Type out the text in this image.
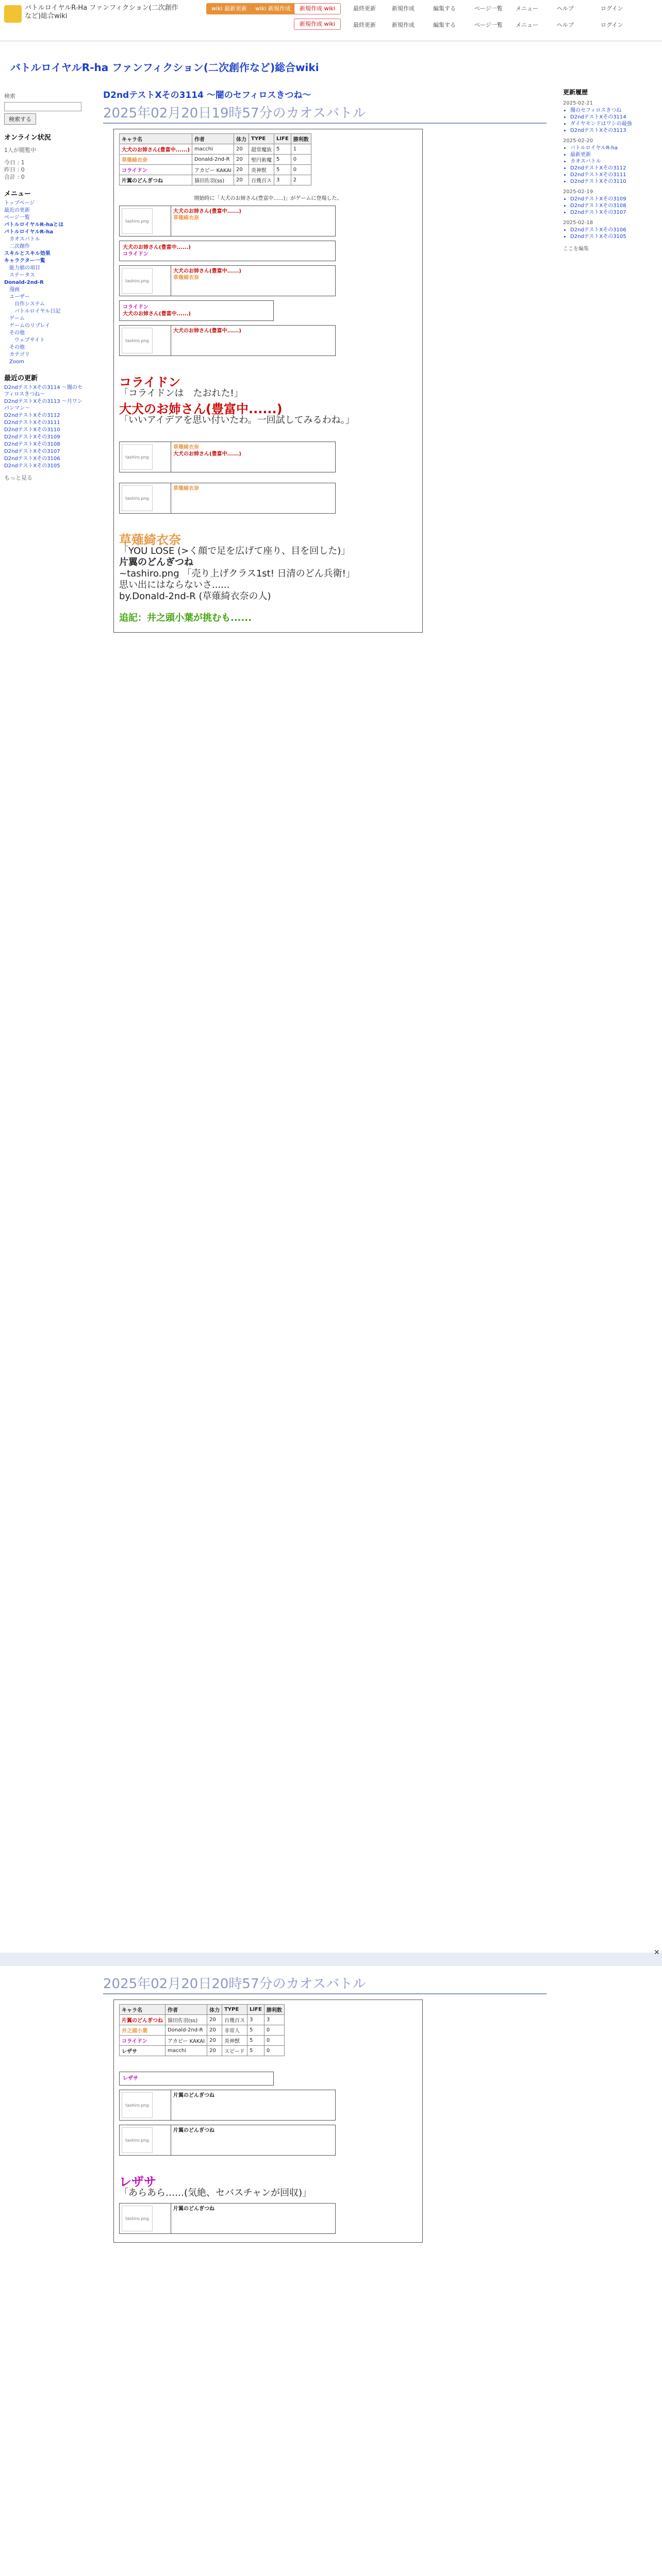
バトルロイヤルR-Ha ファンフィクション(二次創作など)総合wiki
wiki 最新更新	wiki 新規作成	新規作成 wiki
新規作成 wiki
最終更新	新規作成	編集する	ページ一覧 メニュー	ヘルプ	ログイン
最終更新	新規作成	編集する	ページ一覧 メニュー	ヘルプ	ログイン
バトルロイヤルR-ha ファンフィクション(二次創作など)総合wiki
検索
検索する
オンライン状況
1人が閲覧中
今日 : 1
昨日 : 0
合計 : 0
メニュー
トップページ
最近の更新
ページ一覧
バトルロイヤルR-haとは
バトルロイヤルR-ha
カオスバトル
二次創作
スキルとスキル効果
キャラクター一覧
能力値の項目
ステータス
Donald-2nd-R
漫画
ユーザー
自作システム
バトルロイヤル日記
ゲーム
ゲームのリプレイ
その他
ウェブサイト
その他
カテゴリ
Zoom
最近の更新
D2ndテストXその3114 〜闇のセフィロスきつね〜
D2ndテストXその3113 〜月ワンパンマン〜
D2ndテストXその3112
D2ndテストXその3111
D2ndテストXその3110
D2ndテストXその3109
D2ndテストXその3108
D2ndテストXその3107
D2ndテストXその3106
D2ndテストXその3105
もっと見る
更新履歴
2025-02-21
• 闇のセフィロスきつね
• D2ndテストXその3114
• ダイヤモンドはワシの最強
• D2ndテストXその3113
2025-02-20
• バトルロイヤルR-ha
• 最新更新
• カオスバトル
• D2ndテストXその3112
• D2ndテストXその3111
• D2ndテストXその3110
2025-02-19
• D2ndテストXその3109
• D2ndテストXその3108
• D2ndテストXその3107
2025-02-18
• D2ndテストXその3106
• D2ndテストXその3105
ここを編集
D2ndテストXその3114 〜闇のセフィロスきつね〜
2025年02月20日19時57分のカオスバトル
キャラ名	作者	体力	TYPE	LIFE	勝利数
大犬のお姉さん(豊富中......)	macchi	20	超常魔族	5	1
草薙綺衣奈	Donald-2nd-R	20	聖円術魔	5	0
コライドン	アカピー KAKAI	20	炎神獣	5	0
片翼のどんぎつね	猫田佐羽(ss)	20	百幾百ス	3	2

開始時に「大犬のお姉さん(豊富中......)」がゲームに登場した。

tashiro.png
大犬のお姉さん(豊富中......)
草薙綺衣奈
大犬のお姉さん(豊富中......)
コライドン
tashiro.png
大犬のお姉さん(豊富中......)
草薙綺衣奈
コライドン
大犬のお姉さん(豊富中......)
tashiro.png
大犬のお姉さん(豊富中......)
コライドン
「コライドンは　たおれた!」
大犬のお姉さん(豊富中......)
「いいアイデアを思い付いたわ。一回試してみるわね。」
tashiro.png
草薙綺衣奈
大犬のお姉さん(豊富中......)
tashiro.png
草薙綺衣奈
草薙綺衣奈
「YOU LOSE (>く顔で足を広げて座り、目を回した)」
片翼のどんぎつね
~tashiro.png 「売り上げクラス1st! 日清のどん兵衛!」
思い出にはならないさ......
by.Donald-2nd-R (草薙綺衣奈の人)
追記：井之頭小葉が挑むも......
✕
2025年02月20日20時57分のカオスバトル
キャラ名	作者	体力	TYPE	LIFE	勝利数
片翼のどんぎつね	猫田佐羽(ss)	20	百幾百ス	3	3
井之頭小葉	Donald-2nd-R	20	非常人	5	0
コライドン	アカピー KAKAI	20	炎神獣	5	0
レザサ	macchi	20	スピード	5	0
レザサ
tashiro.png
片翼のどんぎつね
tashiro.png
片翼のどんぎつね
レザサ
「あらあら……(気絶、セバスチャンが回収)」
tashiro.png
片翼のどんぎつね
